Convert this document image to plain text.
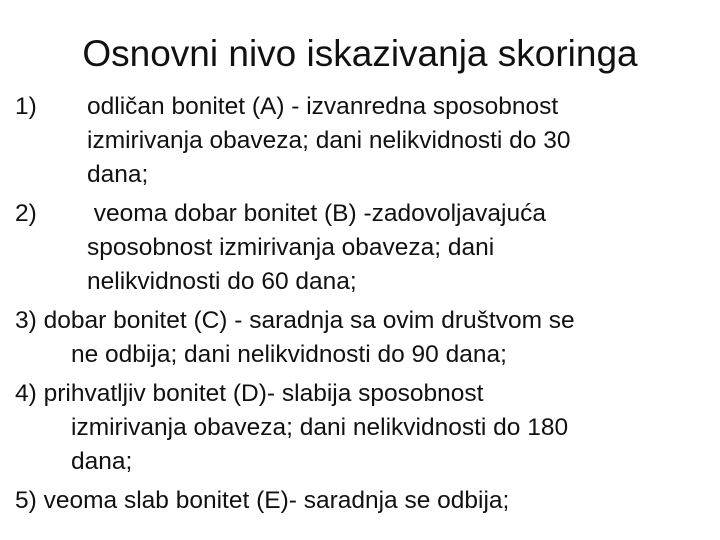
Osnovni nivo iskazivanja skoringa
1) odličan bonitet (A) - izvanredna sposobnost
izmirivanja obaveza; dani nelikvidnosti do 30
dana;
2) veoma dobar bonitet (B) -zadovoljavajuća
sposobnost izmirivanja obaveza; dani
nelikvidnosti do 60 dana;
3) dobar bonitet (C) - saradnja sa ovim društvom se
ne odbija; dani nelikvidnosti do 90 dana;
4) prihvatljiv bonitet (D)- slabija sposobnost
izmirivanja obaveza; dani nelikvidnosti do 180
dana;
5) veoma slab bonitet (E)- saradnja se odbija;
